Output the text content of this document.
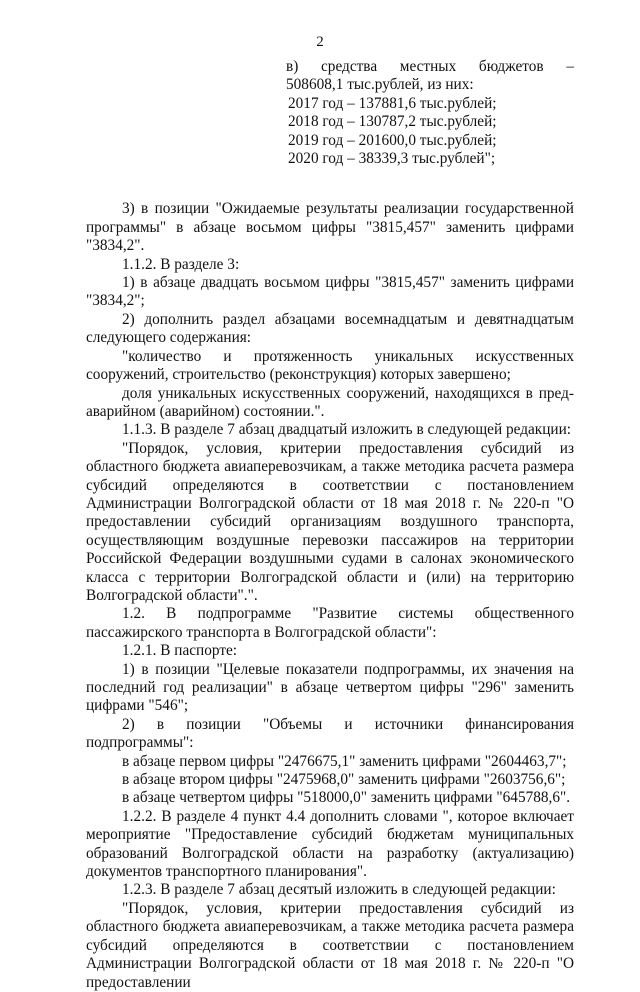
2
в) средства местных бюджетов –

508608,1 тыс.рублей, из них:

2017 год – 137881,6 тыс.рублей;

2018 год – 130787,2 тыс.рублей;

2019 год – 201600,0 тыс.рублей;

2020 год – 38339,3 тыс.рублей";

3) в позиции "Ожидаемые результаты реализации государственной программы" в абзаце восьмом цифры "3815,457" заменить цифрами "3834,2".

1.1.2. В разделе 3:

1) в абзаце двадцать восьмом цифры "3815,457" заменить цифрами "3834,2";

2) дополнить раздел абзацами восемнадцатым и девятнадцатым следующего содержания:

"количество и протяженность уникальных искусственных сооружений, строительство (реконструкция) которых завершено;

доля уникальных искусственных сооружений, находящихся в пред-аварийном (аварийном) состоянии.".

1.1.3. В разделе 7 абзац двадцатый изложить в следующей редакции:

"Порядок, условия, критерии предоставления субсидий из областного бюджета авиаперевозчикам, а также методика расчета размера субсидий определяются в соответствии с постановлением Администрации Волгоградской области от 18 мая 2018 г. № 220-п "О предоставлении субсидий организациям воздушного транспорта, осуществляющим воздушные перевозки пассажиров на территории Российской Федерации воздушными судами в салонах экономического класса с территории Волгоградской области и (или) на территорию Волгоградской области".".

1.2. В подпрограмме "Развитие системы общественного пассажирского транспорта в Волгоградской области":

1.2.1. В паспорте:

1) в позиции "Целевые показатели подпрограммы, их значения на последний год реализации" в абзаце четвертом цифры "296" заменить цифрами "546";

2) в позиции "Объемы и источники финансирования подпрограммы":

в абзаце первом цифры "2476675,1" заменить цифрами "2604463,7";

в абзаце втором цифры "2475968,0" заменить цифрами "2603756,6";

в абзаце четвертом цифры "518000,0" заменить цифрами "645788,6".

1.2.2. В разделе 4 пункт 4.4 дополнить словами ", которое включает мероприятие "Предоставление субсидий бюджетам муниципальных образований Волгоградской области на разработку (актуализацию) документов транспортного планирования".

1.2.3. В разделе 7 абзац десятый изложить в следующей редакции:

"Порядок, условия, критерии предоставления субсидий из областного бюджета авиаперевозчикам, а также методика расчета размера субсидий определяются в соответствии с постановлением Администрации Волгоградской области от 18 мая 2018 г. № 220-п "О предоставлении
